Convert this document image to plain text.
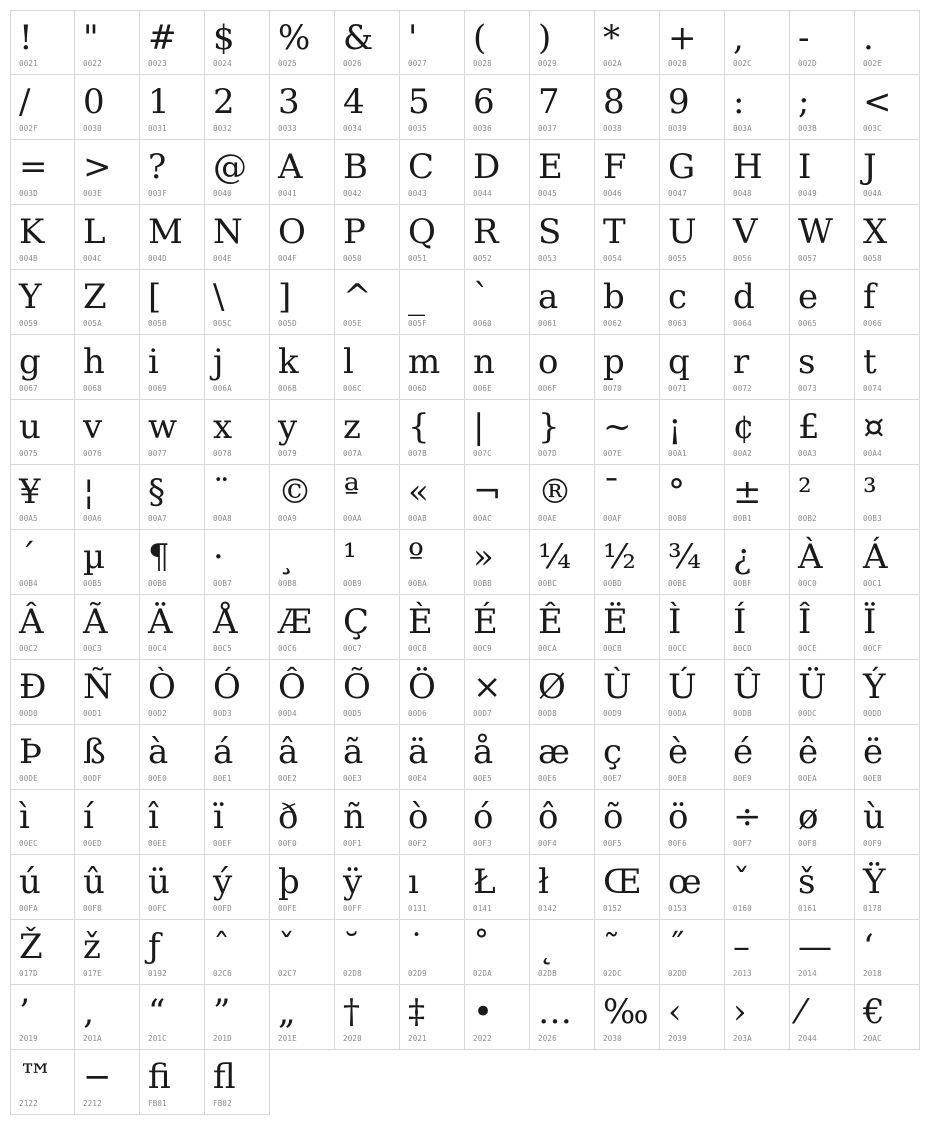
!
0021
"
0022
#
0023
$
0024
%
0025
&
0026
'
0027
(
0028
)
0029
*
002A
+
002B
,
002C
-
002D
.
002E
/
002F
0
0030
1
0031
2
0032
3
0033
4
0034
5
0035
6
0036
7
0037
8
0038
9
0039
:
003A
;
003B
<
003C
=
003D
>
003E
?
003F
@
0040
A
0041
B
0042
C
0043
D
0044
E
0045
F
0046
G
0047
H
0048
I
0049
J
004A
K
004B
L
004C
M
004D
N
004E
O
004F
P
0050
Q
0051
R
0052
S
0053
T
0054
U
0055
V
0056
W
0057
X
0058
Y
0059
Z
005A
[
005B
\
005C
]
005D
^
005E
_
005F
`
0060
a
0061
b
0062
c
0063
d
0064
e
0065
f
0066
g
0067
h
0068
i
0069
j
006A
k
006B
l
006C
m
006D
n
006E
o
006F
p
0070
q
0071
r
0072
s
0073
t
0074
u
0075
v
0076
w
0077
x
0078
y
0079
z
007A
{
007B
|
007C
}
007D
~
007E
¡
00A1
¢
00A2
£
00A3
¤
00A4
¥
00A5
¦
00A6
§
00A7
¨
00A8
©
00A9
ª
00AA
«
00AB
¬
00AC
®
00AE
¯
00AF
°
00B0
±
00B1
²
00B2
³
00B3
´
00B4
µ
00B5
¶
00B6
·
00B7
¸
00B8
¹
00B9
º
00BA
»
00BB
¼
00BC
½
00BD
¾
00BE
¿
00BF
À
00C0
Á
00C1
Â
00C2
Ã
00C3
Ä
00C4
Å
00C5
Æ
00C6
Ç
00C7
È
00C8
É
00C9
Ê
00CA
Ë
00CB
Ì
00CC
Í
00CD
Î
00CE
Ï
00CF
Ð
00D0
Ñ
00D1
Ò
00D2
Ó
00D3
Ô
00D4
Õ
00D5
Ö
00D6
×
00D7
Ø
00D8
Ù
00D9
Ú
00DA
Û
00DB
Ü
00DC
Ý
00DD
Þ
00DE
ß
00DF
à
00E0
á
00E1
â
00E2
ã
00E3
ä
00E4
å
00E5
æ
00E6
ç
00E7
è
00E8
é
00E9
ê
00EA
ë
00EB
ì
00EC
í
00ED
î
00EE
ï
00EF
ð
00F0
ñ
00F1
ò
00F2
ó
00F3
ô
00F4
õ
00F5
ö
00F6
÷
00F7
ø
00F8
ù
00F9
ú
00FA
û
00FB
ü
00FC
ý
00FD
þ
00FE
ÿ
00FF
ı
0131
Ł
0141
ł
0142
Œ
0152
œ
0153
ˇ
0160
š
0161
Ÿ
0178
Ž
017D
ž
017E
ƒ
0192
ˆ
02C6
ˇ
02C7
˘
02D8
˙
02D9
˚
02DA
˛
02DB
˜
02DC
˝
02DD
–
2013
—
2014
‘
2018
’
2019
‚
201A
“
201C
”
201D
„
201E
†
2020
‡
2021
•
2022
…
2026
‰
2030
‹
2039
›
203A
⁄
2044
€
20AC
™
2122
−
2212
ﬁ
FB01
ﬂ
FB02
